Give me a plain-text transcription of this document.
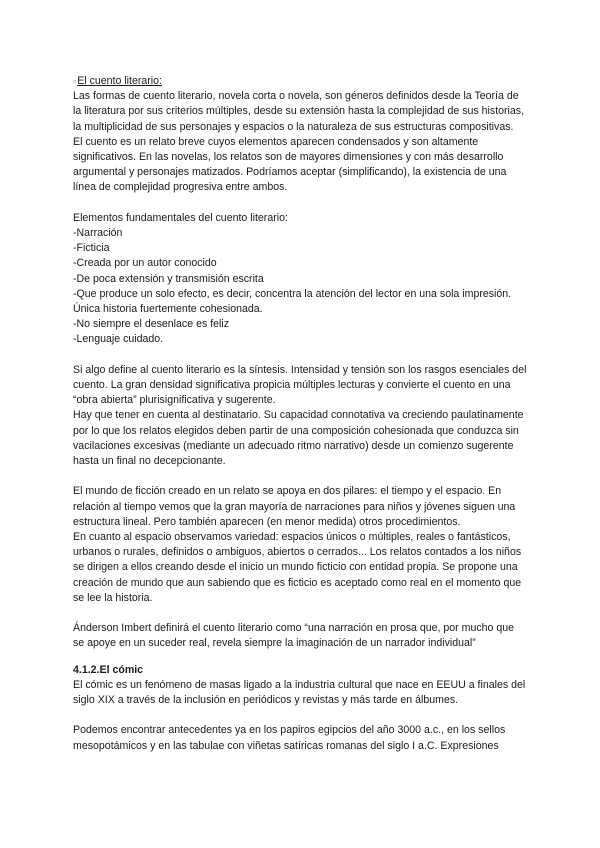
▫El cuento literario:

Las formas de cuento literario, novela corta o novela, son géneros definidos desde la Teoría de la literatura por sus criterios múltiples, desde su extensión hasta la complejidad de sus historias, la multiplicidad de sus personajes y espacios o la naturaleza de sus estructuras compositivas.

El cuento es un relato breve cuyos elementos aparecen condensados y son altamente significativos. En las novelas, los relatos son de mayores dimensiones y con más desarrollo argumental y personajes matizados. Podríamos aceptar (simplificando), la existencia de una línea de complejidad progresiva entre ambos.

Elementos fundamentales del cuento literario:

-Narración
-Ficticia
-Creada por un autor conocido
-De poca extensión y transmisión escrita
-Que produce un solo efecto, es decir, concentra la atención del lector en una sola impresión. Única historia fuertemente cohesionada.
-No siempre el desenlace es feliz
-Lenguaje cuidado.

Si algo define al cuento literario es la síntesis. Intensidad y tensión son los rasgos esenciales del cuento. La gran densidad significativa propicia múltiples lecturas y convierte el cuento en una “obra abierta” plurisignificativa y sugerente.

Hay que tener en cuenta al destinatario. Su capacidad connotativa va creciendo paulatinamente por lo que los relatos elegidos deben partir de una composición cohesionada que conduzca sin vacilaciones excesivas (mediante un adecuado ritmo narrativo) desde un comienzo sugerente hasta un final no decepcionante.

El mundo de ficción creado en un relato se apoya en dos pilares: el tiempo y el espacio. En relación al tiempo vemos que la gran mayoría de narraciones para niños y jóvenes siguen una estructura lineal. Pero también aparecen (en menor medida) otros procedimientos.

En cuanto al espacio observamos variedad: espacios únicos o múltiples, reales o fantásticos, urbanos o rurales, definidos o ambiguos, abiertos o cerrados... Los relatos contados a los niños se dirigen a ellos creando desde el inicio un mundo ficticio con entidad propia. Se propone una creación de mundo que aun sabiendo que es ficticio es aceptado como real en el momento que se lee la historia.

Ánderson Imbert definirá el cuento literario como “una narración en prosa que, por mucho que se apoye en un suceder real, revela siempre la imaginación de un narrador individual”

4.1.2.El cómic

El cómic es un fenómeno de masas ligado a la industria cultural que nace en EEUU a finales del siglo XIX a través de la inclusión en periódicos y revistas y más tarde en álbumes.

Podemos encontrar antecedentes ya en los papiros egipcios del año 3000 a.c., en los sellos mesopotámicos y en las tabulae con viñetas satíricas romanas del siglo I a.C. Expresiones
